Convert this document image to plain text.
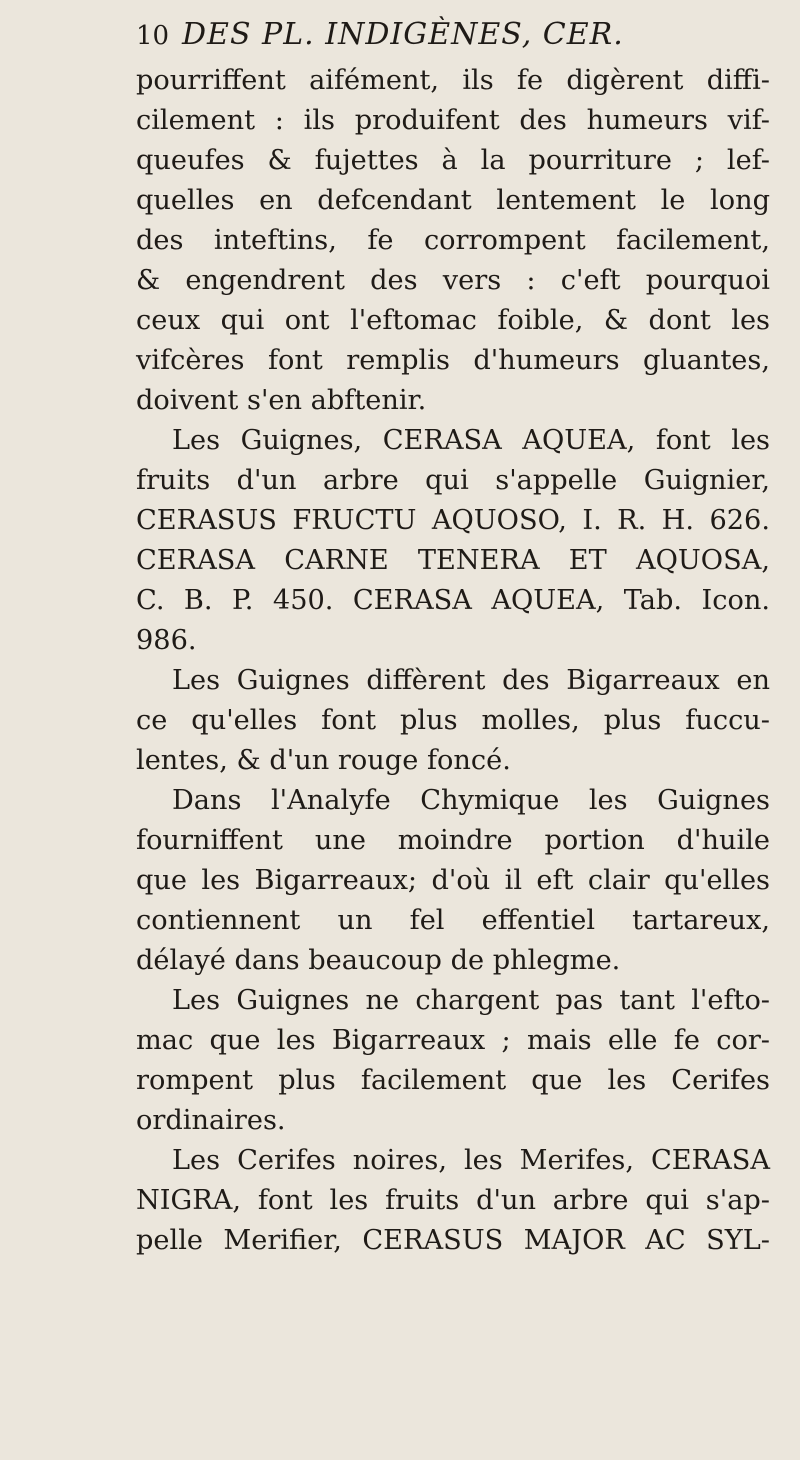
10 DES PL. INDIGÈNES, CER.
pourriffent aifément, ils fe digèrent diffi-
cilement : ils produifent des humeurs vif-
queufes & fujettes à la pourriture ; lef-
quelles en defcendant lentement le long
des inteftins, fe corrompent facilement,
& engendrent des vers : c'eft pourquoi
ceux qui ont l'eftomac foible, & dont les
vifcères font remplis d'humeurs gluantes,
doivent s'en abftenir.
Les Guignes, CERASA AQUEA, font les
fruits d'un arbre qui s'appelle Guignier,
CERASUS FRUCTU AQUOSO, I. R. H. 626.
CERASA CARNE TENERA ET AQUOSA,
C. B. P. 450. CERASA AQUEA, Tab. Icon.
986.
Les Guignes diffèrent des Bigarreaux en
ce qu'elles font plus molles, plus fuccu-
lentes, & d'un rouge foncé.
Dans l'Analyfe Chymique les Guignes
fourniffent une moindre portion d'huile
que les Bigarreaux; d'où il eft clair qu'elles
contiennent un fel effentiel tartareux,
délayé dans beaucoup de phlegme.
Les Guignes ne chargent pas tant l'efto-
mac que les Bigarreaux ; mais elle fe cor-
rompent plus facilement que les Cerifes
ordinaires.
Les Cerifes noires, les Merifes, CERASA
NIGRA, font les fruits d'un arbre qui s'ap-
pelle Merifier, CERASUS MAJOR AC SYL-
